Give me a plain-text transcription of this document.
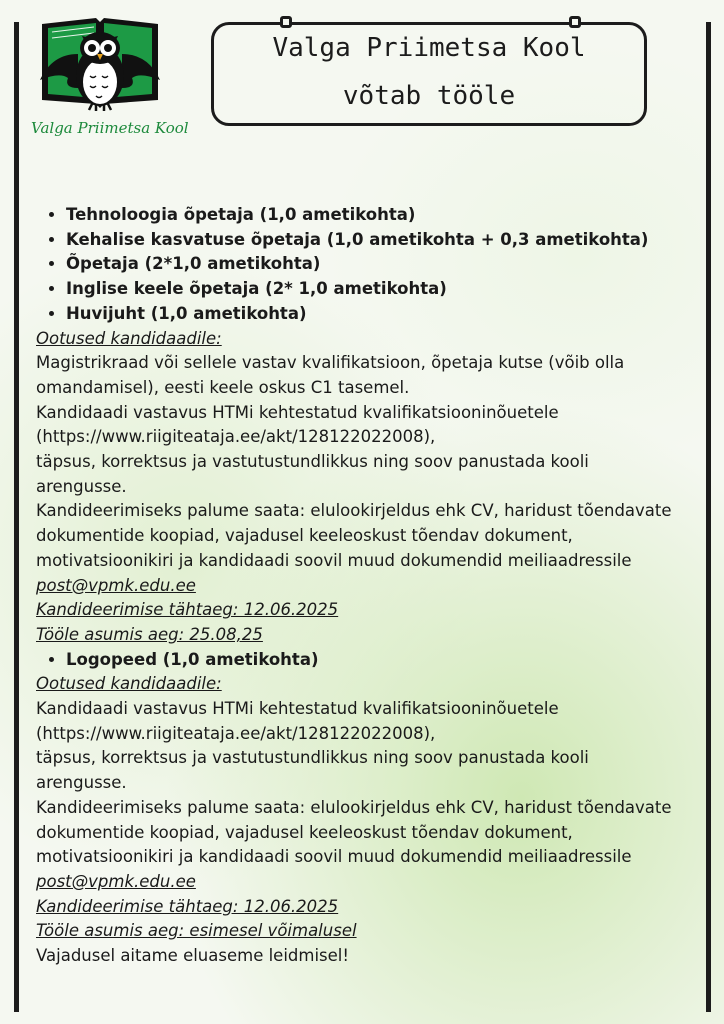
Valga Priimetsa Kool
Valga Priimetsa Kool
võtab tööle
• Tehnoloogia õpetaja (1,0 ametikohta)
• Kehalise kasvatuse õpetaja (1,0 ametikohta + 0,3 ametikohta)
• Õpetaja (2*1,0 ametikohta)
• Inglise keele õpetaja (2* 1,0 ametikohta)
• Huvijuht (1,0 ametikohta)

Ootused kandidaadile:

Magistrikraad või sellele vastav kvalifikatsioon, õpetaja kutse (võib olla omandamisel), eesti keele oskus C1 tasemel.

Kandidaadi vastavus HTMi kehtestatud kvalifikatsiooninõuetele (https://www.riigiteataja.ee/akt/128122022008),

täpsus, korrektsus ja vastutustundlikkus ning soov panustada kooli arengusse.

Kandideerimiseks palume saata: elulookirjeldus ehk CV, haridust tõendavate dokumentide koopiad, vajadusel keeleoskust tõendav dokument, motivatsioonikiri ja kandidaadi soovil muud dokumendid meiliaadressile post@vpmk.edu.ee

Kandideerimise tähtaeg: 12.06.2025

Tööle asumis aeg: 25.08,25

• Logopeed (1,0 ametikohta)

Ootused kandidaadile:

Kandidaadi vastavus HTMi kehtestatud kvalifikatsiooninõuetele (https://www.riigiteataja.ee/akt/128122022008),

täpsus, korrektsus ja vastutustundlikkus ning soov panustada kooli arengusse.

Kandideerimiseks palume saata: elulookirjeldus ehk CV, haridust tõendavate dokumentide koopiad, vajadusel keeleoskust tõendav dokument, motivatsioonikiri ja kandidaadi soovil muud dokumendid meiliaadressile post@vpmk.edu.ee

Kandideerimise tähtaeg: 12.06.2025

Tööle asumis aeg: esimesel võimalusel

Vajadusel aitame eluaseme leidmisel!
